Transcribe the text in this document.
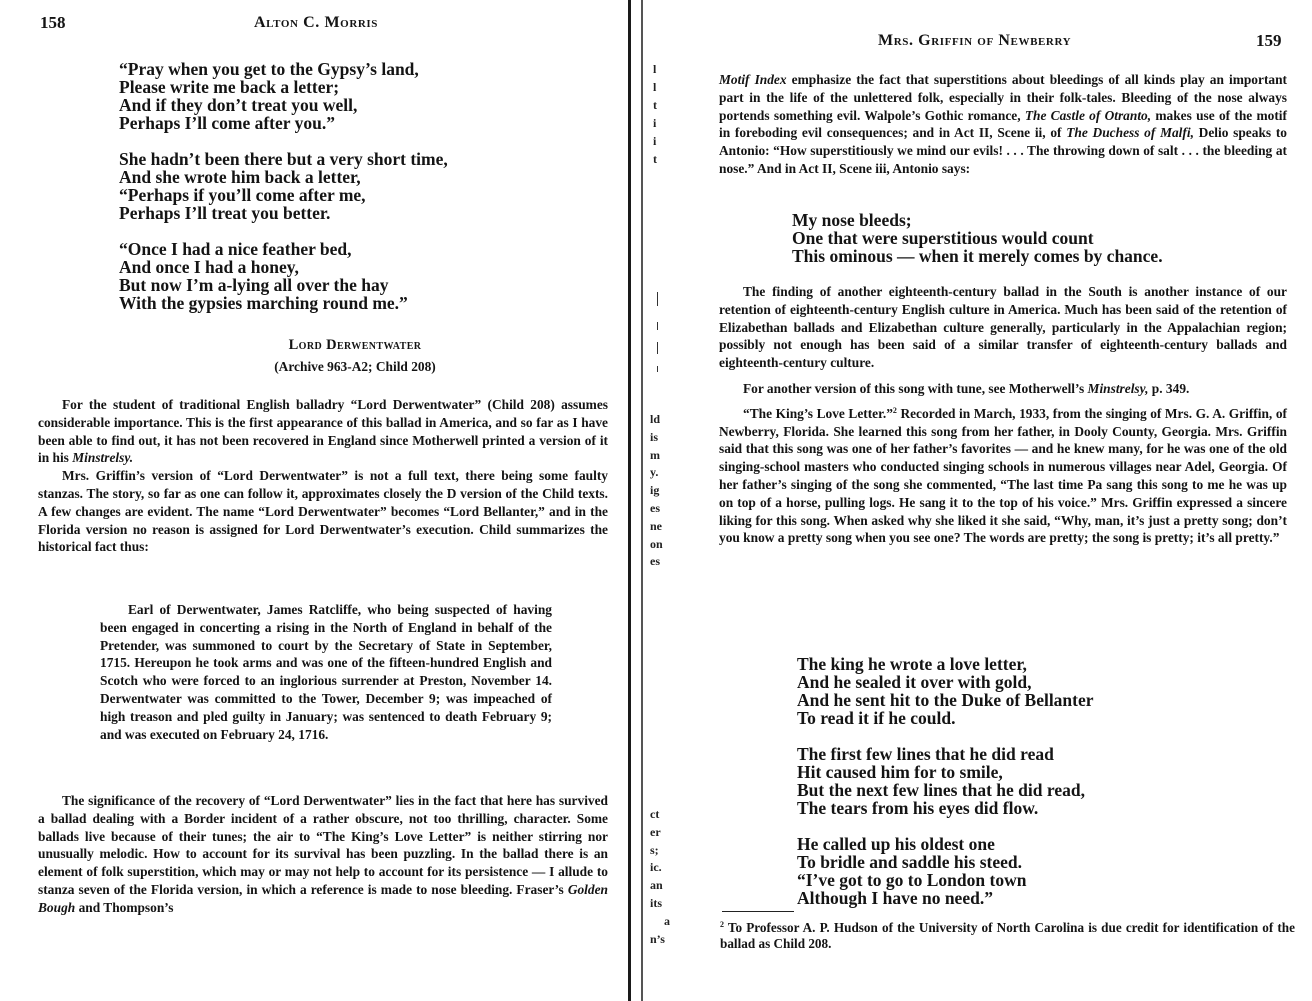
158	Alton C. Morris
“Pray when you get to the Gypsy’s land,
Please write me back a letter;
And if they don’t treat you well,
Perhaps I’ll come after you.”
She hadn’t been there but a very short time,
And she wrote him back a letter,
“Perhaps if you’ll come after me,
Perhaps I’ll treat you better.
“Once I had a nice feather bed,
And once I had a honey,
But now I’m a-lying all over the hay
With the gypsies marching round me.”
Lord Derwentwater
(Archive 963-A2; Child 208)

For the student of traditional English balladry “Lord Derwentwater” (Child 208) assumes considerable importance. This is the first appearance of this ballad in America, and so far as I have been able to find out, it has not been recovered in England since Motherwell printed a version of it in his Minstrelsy.

Mrs. Griffin’s version of “Lord Derwentwater” is not a full text, there being some faulty stanzas. The story, so far as one can follow it, approximates closely the D version of the Child texts. A few changes are evident. The name “Lord Derwentwater” becomes “Lord Bellanter,” and in the Florida version no reason is assigned for Lord Derwentwater’s execution. Child summarizes the historical fact thus:

Earl of Derwentwater, James Ratcliffe, who being suspected of having been engaged in concerting a rising in the North of England in behalf of the Pretender, was summoned to court by the Secretary of State in September, 1715. Hereupon he took arms and was one of the fifteen-hundred English and Scotch who were forced to an inglorious surrender at Preston, November 14. Derwentwater was committed to the Tower, December 9; was impeached of high treason and pled guilty in January; was sentenced to death February 9; and was executed on February 24, 1716.

The significance of the recovery of “Lord Derwentwater” lies in the fact that here has survived a ballad dealing with a Border incident of a rather obscure, not too thrilling, character. Some ballads live because of their tunes; the air to “The King’s Love Letter” is neither stirring nor unusually melodic. How to account for its survival has been puzzling. In the ballad there is an element of folk superstition, which may or may not help to account for its persistence — I allude to stanza seven of the Florida version, in which a reference is made to nose bleeding. Fraser’s Golden Bough and Thompson’s

l
l
t
i
i
t
ld
is
m
y.
ig
es
ne
on
es
ct
er
s;
ic.
an
its
a
n’s
Mrs. Griffin of Newberry	159

Motif Index emphasize the fact that superstitions about bleedings of all kinds play an important part in the life of the unlettered folk, especially in their folk-tales. Bleeding of the nose always portends something evil. Walpole’s Gothic romance, The Castle of Otranto, makes use of the motif in foreboding evil consequences; and in Act II, Scene ii, of The Duchess of Malfi, Delio speaks to Antonio: “How superstitiously we mind our evils! . . . The throwing down of salt . . . the bleeding at nose.” And in Act II, Scene iii, Antonio says:

My nose bleeds;
One that were superstitious would count
This ominous — when it merely comes by chance.

The finding of another eighteenth-century ballad in the South is another instance of our retention of eighteenth-century English culture in America. Much has been said of the retention of Elizabethan ballads and Elizabethan culture generally, particularly in the Appalachian region; possibly not enough has been said of a similar transfer of eighteenth-century ballads and eighteenth-century culture.

For another version of this song with tune, see Motherwell’s Minstrelsy, p. 349.

“The King’s Love Letter.”$^2$ Recorded in March, 1933, from the singing of Mrs. G. A. Griffin, of Newberry, Florida. She learned this song from her father, in Dooly County, Georgia. Mrs. Griffin said that this song was one of her father’s favorites — and he knew many, for he was one of the old singing-school masters who conducted singing schools in numerous villages near Adel, Georgia. Of her father’s singing of the song she commented, “The last time Pa sang this song to me he was up on top of a horse, pulling logs. He sang it to the top of his voice.” Mrs. Griffin expressed a sincere liking for this song. When asked why she liked it she said, “Why, man, it’s just a pretty song; don’t you know a pretty song when you see one? The words are pretty; the song is pretty; it’s all pretty.”

The king he wrote a love letter,
And he sealed it over with gold,
And he sent hit to the Duke of Bellanter
To read it if he could.
The first few lines that he did read
Hit caused him for to smile,
But the next few lines that he did read,
The tears from his eyes did flow.
He called up his oldest one
To bridle and saddle his steed.
“I’ve got to go to London town
Although I have no need.”
$^2$ To Professor A. P. Hudson of the University of North Carolina is due credit for identification of the ballad as Child 208.
